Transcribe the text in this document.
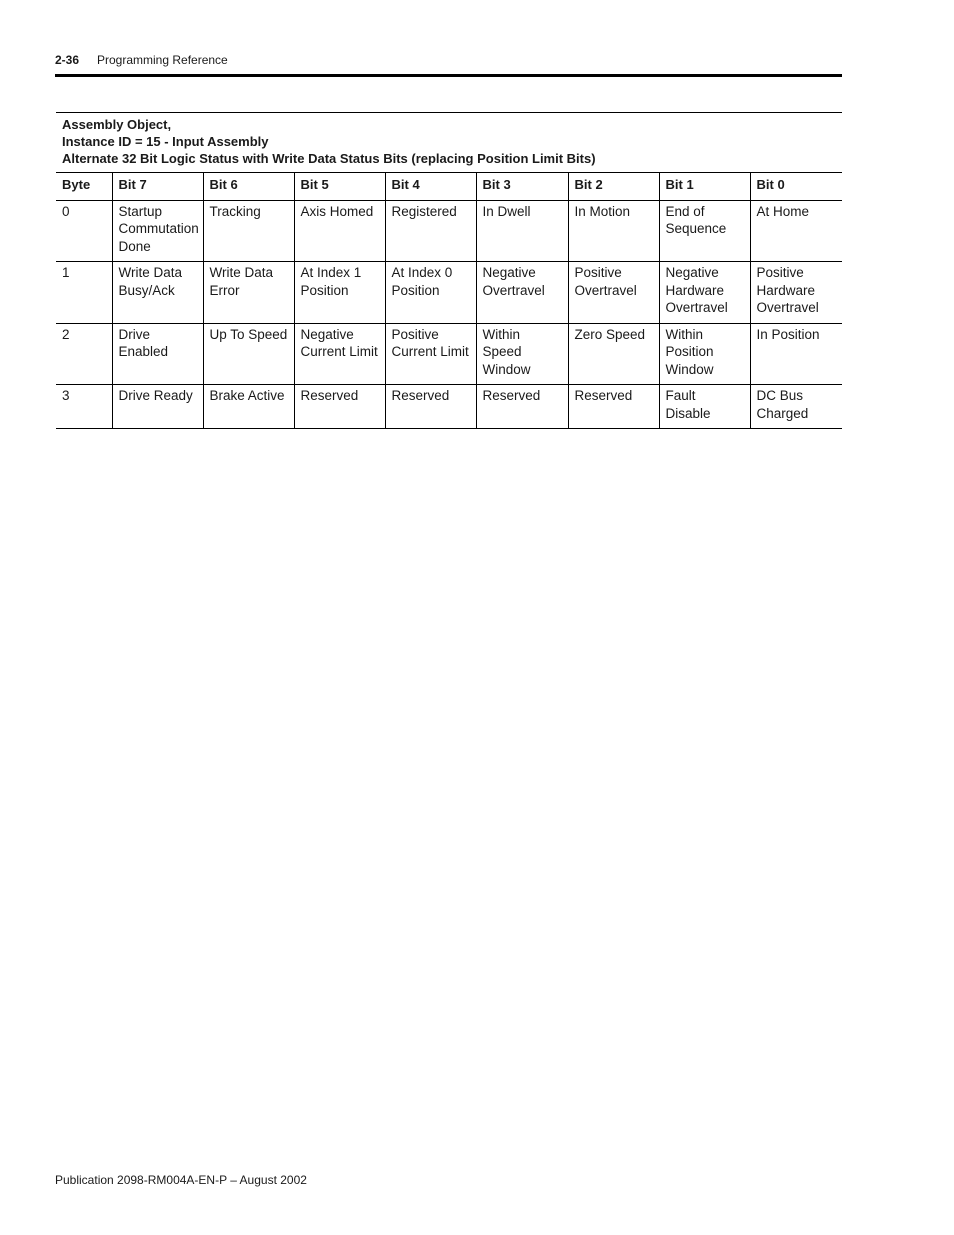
2-36 Programming Reference
Assembly Object,
Instance ID = 15 - Input Assembly
Alternate 32 Bit Logic Status with Write Data Status Bits (replacing Position Limit Bits)
Byte	Bit 7	Bit 6	Bit 5	Bit 4	Bit 3	Bit 2	Bit 1	Bit 0
0	Startup Commutation Done	Tracking	Axis Homed	Registered	In Dwell	In Motion	End of Sequence	At Home
1	Write Data Busy/Ack	Write Data Error	At Index 1 Position	At Index 0 Position	Negative Overtravel	Positive Overtravel	Negative Hardware Overtravel	Positive Hardware Overtravel
2	Drive Enabled	Up To Speed	Negative Current Limit	Positive Current Limit	Within Speed Window	Zero Speed	Within Position Window	In Position
3	Drive Ready	Brake Active	Reserved	Reserved	Reserved	Reserved	Fault Disable	DC Bus Charged
Publication 2098-RM004A-EN-P – August 2002
